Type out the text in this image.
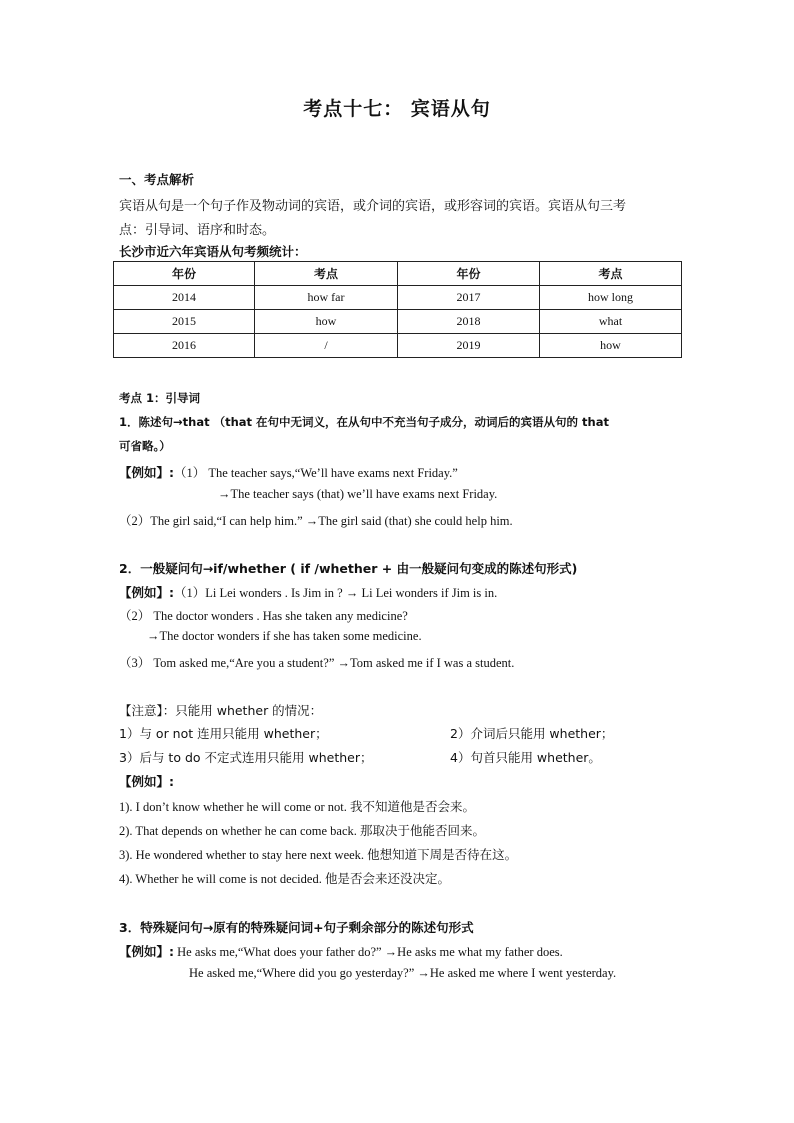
考点十七： 宾语从句
一、考点解析
宾语从句是一个句子作及物动词的宾语，或介词的宾语，或形容词的宾语。宾语从句三考
点：引导词、语序和时态。
长沙市近六年宾语从句考频统计：
年份	考点	年份	考点
2014	how far	2017	how long
2015	how	2018	what
2016	/	2019	how
考点 1：引导词
1．陈述句→that （that 在句中无词义，在从句中不充当句子成分，动词后的宾语从句的 that
可省略。）
【例如】:（1） The teacher says,“We’ll have exams next Friday.”
→The teacher says (that) we’ll have exams next Friday.
（2）The girl said,“I can help him.” →The girl said (that) she could help him.
2．一般疑问句→if/whether ( if /whether + 由一般疑问句变成的陈述句形式)
【例如】:（1）Li Lei wonders . Is Jim in ? → Li Lei wonders if Jim is in.
（2） The doctor wonders . Has she taken any medicine?
→The doctor wonders if she has taken some medicine.
（3） Tom asked me,“Are you a student?” →Tom asked me if I was a student.
【注意】：只能用 whether 的情况：
1）与 or not 连用只能用 whether；	2）介词后只能用 whether；
3）后与 to do 不定式连用只能用 whether；	4）句首只能用 whether。
【例如】:
1). I don’t know whether he will come or not. 我不知道他是否会来。
2). That depends on whether he can come back. 那取决于他能否回来。
3). He wondered whether to stay here next week. 他想知道下周是否待在这。
4). Whether he will come is not decided. 他是否会来还没决定。
3．特殊疑问句→原有的特殊疑问词+句子剩余部分的陈述句形式
【例如】: He asks me,“What does your father do?” →He asks me what my father does.
He asked me,“Where did you go yesterday?” →He asked me where I went yesterday.
